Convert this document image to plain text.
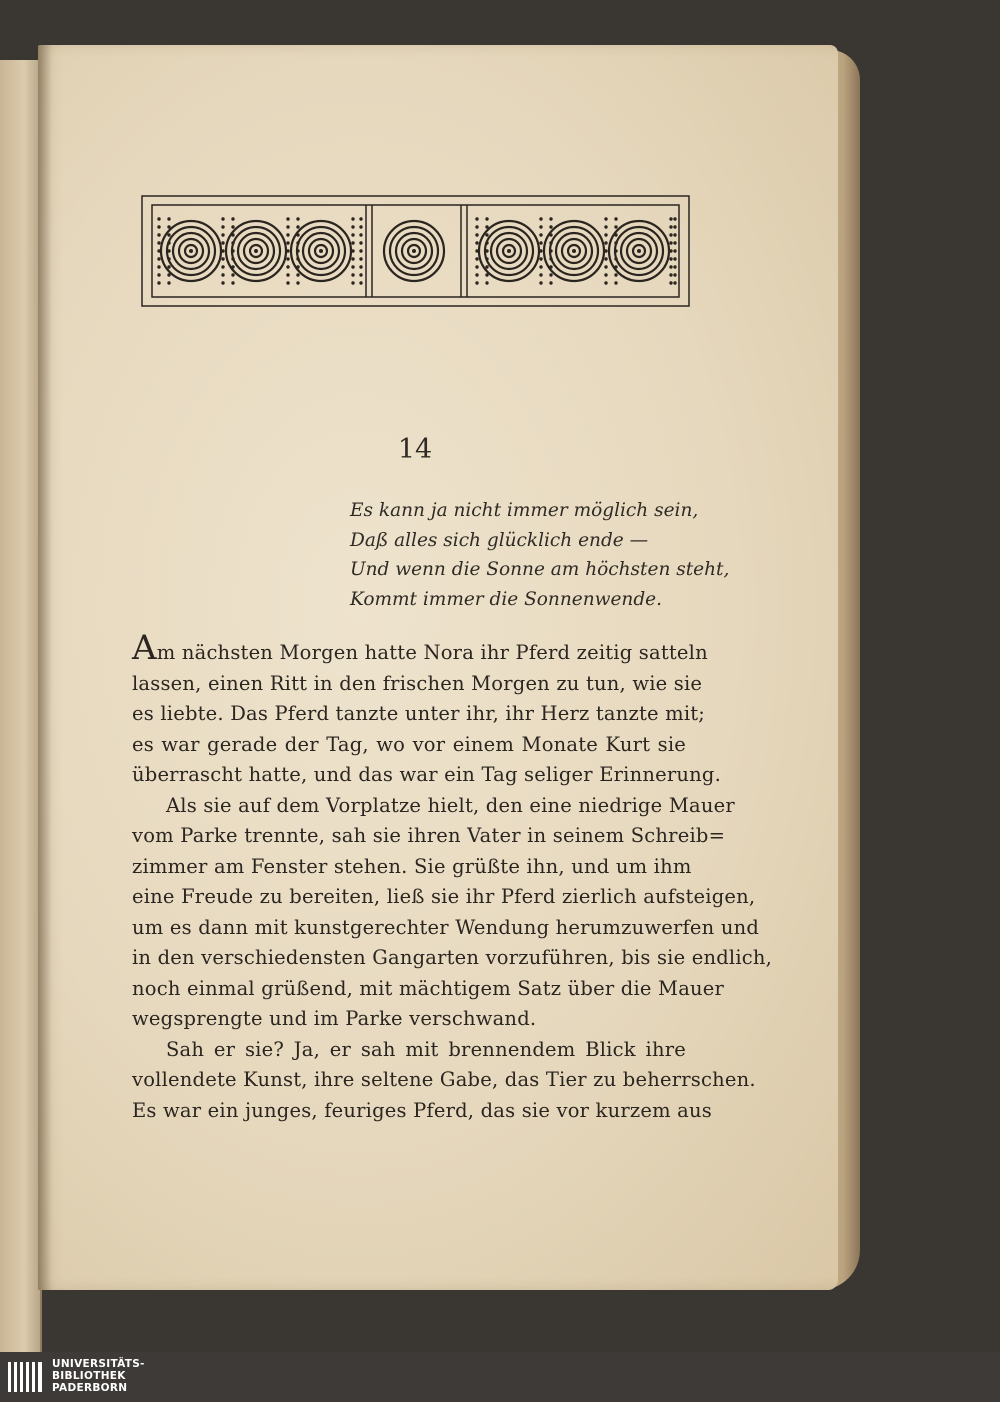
14
Es kann ja nicht immer möglich sein,
Daß alles sich glücklich ende —
Und wenn die Sonne am höchsten steht,
Kommt immer die Sonnenwende.
Am nächsten Morgen hatte Nora ihr Pferd zeitig satteln
lassen, einen Ritt in den frischen Morgen zu tun, wie sie
es liebte. Das Pferd tanzte unter ihr, ihr Herz tanzte mit;
es war gerade der Tag, wo vor einem Monate Kurt sie
überrascht hatte, und das war ein Tag seliger Erinnerung.
Als sie auf dem Vorplatze hielt, den eine niedrige Mauer
vom Parke trennte, sah sie ihren Vater in seinem Schreib=
zimmer am Fenster stehen. Sie grüßte ihn, und um ihm
eine Freude zu bereiten, ließ sie ihr Pferd zierlich aufsteigen,
um es dann mit kunstgerechter Wendung herumzuwerfen und
in den verschiedensten Gangarten vorzuführen, bis sie endlich,
noch einmal grüßend, mit mächtigem Satz über die Mauer
wegsprengte und im Parke verschwand.
Sah er sie? Ja, er sah mit brennendem Blick ihre
vollendete Kunst, ihre seltene Gabe, das Tier zu beherrschen.
Es war ein junges, feuriges Pferd, das sie vor kurzem aus
UNIVERSITÄTS-
BIBLIOTHEK
PADERBORN
